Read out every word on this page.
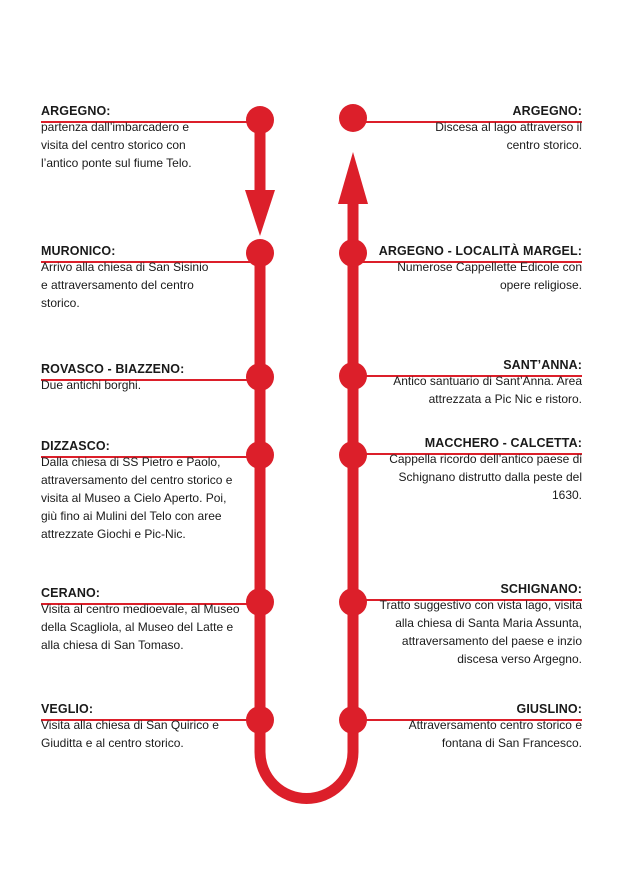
ARGEGNO:
partenza dall’imbarcadero e visita del centro storico con l’antico ponte sul fiume Telo.
MURONICO:
Arrivo alla chiesa di San Sisinio e attraversamento del centro storico.
ROVASCO - BIAZZENO:
Due antichi borghi.
DIZZASCO:
Dalla chiesa di SS Pietro e Paolo, attraversamento del centro storico e visita al Museo a Cielo Aperto. Poi, giù fino ai Mulini del Telo con aree attrezzate Giochi e Pic-Nic.
CERANO:
Visita al centro medioevale, al Museo della Scagliola, al Museo del Latte e alla chiesa di San Tomaso.
VEGLIO:
Visita alla chiesa di San Quirico e Giuditta e al centro storico.
ARGEGNO:
Discesa al lago attraverso il centro storico.
ARGEGNO - LOCALITÀ MARGEL:
Numerose Cappellette Edicole con opere religiose.
SANT’ANNA:
Antico santuario di Sant’Anna. Area attrezzata a Pic Nic e ristoro.
MACCHERO - CALCETTA:
Cappella ricordo dell’antico paese di Schignano distrutto dalla peste del 1630.
SCHIGNANO:
Tratto suggestivo con vista lago, visita alla chiesa di Santa Maria Assunta, attraversamento del paese e inzio discesa verso Argegno.
GIUSLINO:
Attraversamento centro storico e fontana di San Francesco.
